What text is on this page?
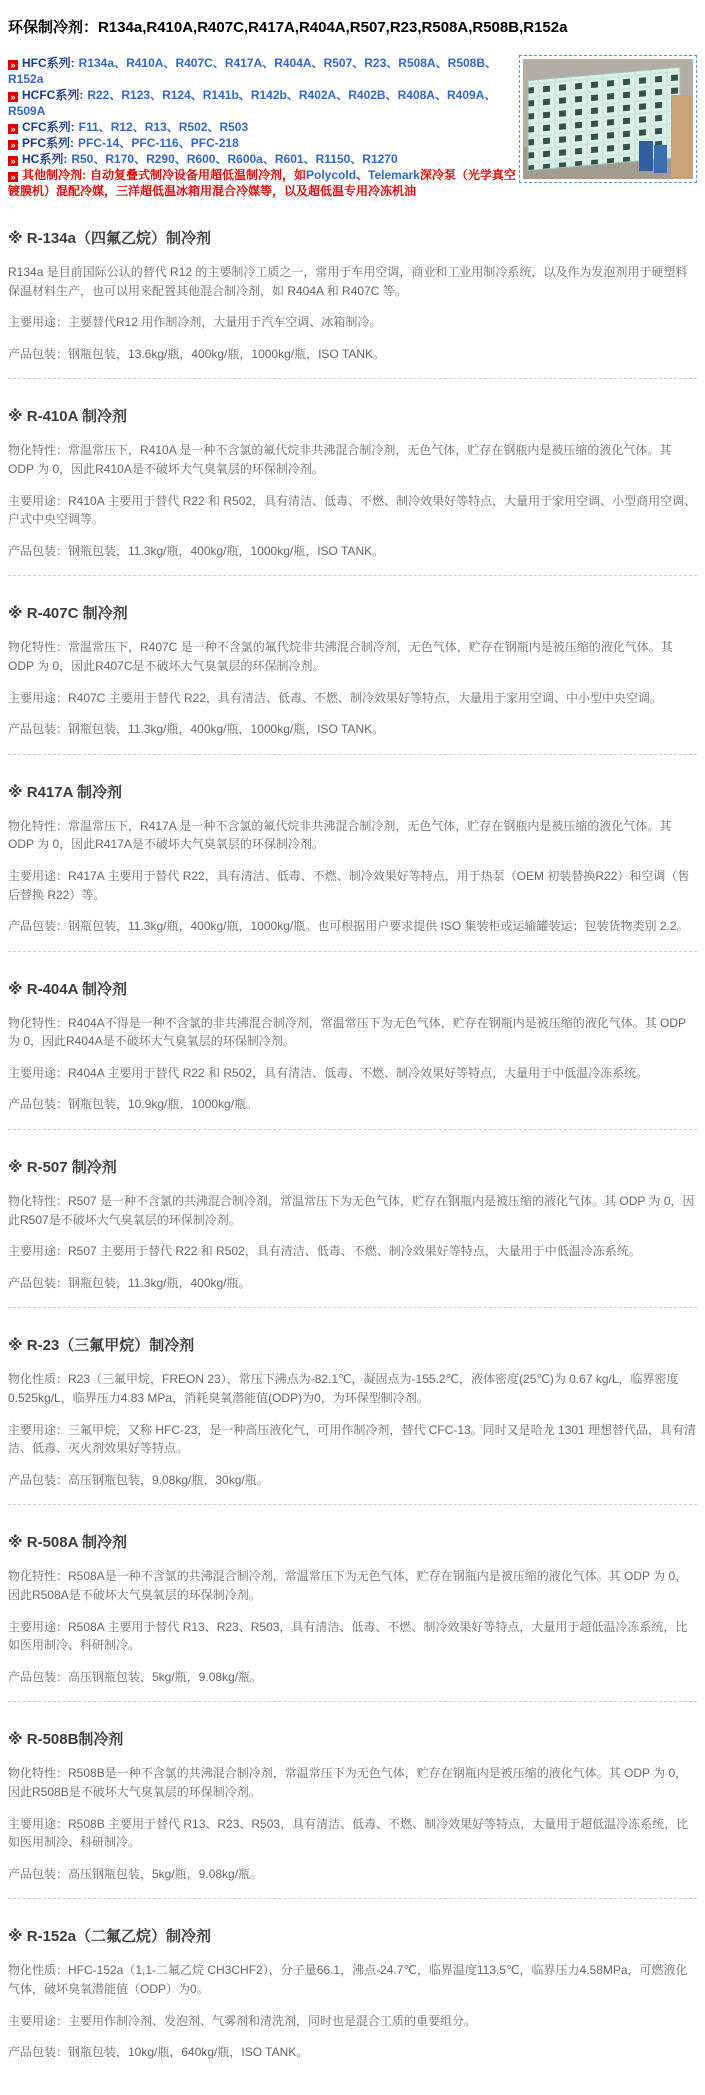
环保制冷剂：R134a,R410A,R407C,R417A,R404A,R507,R23,R508A,R508B,R152a
» HFC系列: R134a、R410A、R407C、R417A、R404A、R507、R23、R508A、R508B、R152a
» HCFC系列: R22、R123、R124、R141b、R142b、R402A、R402B、R408A、R409A、R509A
» CFC系列: F11、R12、R13、R502、R503
» PFC系列: PFC-14、PFC-116、PFC-218
» HC系列: R50、R170、R290、R600、R600a、R601、R1150、R1270
» 其他制冷剂: 自动复叠式制冷设备用超低温制冷剂，如Polycold、Telemark深冷泵（光学真空镀膜机）混配冷媒，三洋超低温冰箱用混合冷媒等，以及超低温专用冷冻机油
※ R-134a（四氟乙烷）制冷剂

R134a 是目前国际公认的替代 R12 的主要制冷工质之一，常用于车用空调，商业和工业用制冷系统，以及作为发泡剂用于硬塑料保温材料生产，也可以用来配置其他混合制冷剂，如 R404A 和 R407C 等。

主要用途：主要替代R12 用作制冷剂，大量用于汽车空调、冰箱制冷。

产品包装：钢瓶包装，13.6kg/瓶，400kg/瓶，1000kg/瓶，ISO TANK。

※ R-410A 制冷剂

物化特性：常温常压下，R410A 是一种不含氯的氟代烷非共沸混合制冷剂，无色气体，贮存在钢瓶内是被压缩的液化气体。其 ODP 为 0，因此R410A是不破坏大气臭氧层的环保制冷剂。

主要用途：R410A 主要用于替代 R22 和 R502，具有清洁、低毒、不燃、制冷效果好等特点，大量用于家用空调、小型商用空调、户式中央空调等。

产品包装：钢瓶包装，11.3kg/瓶，400kg/瓶，1000kg/瓶，ISO TANK。

※ R-407C 制冷剂

物化特性：常温常压下，R407C 是一种不含氯的氟代烷非共沸混合制冷剂，无色气体，贮存在钢瓶内是被压缩的液化气体。其 ODP 为 0，因此R407C是不破坏大气臭氧层的环保制冷剂。

主要用途：R407C 主要用于替代 R22，具有清洁、低毒、不燃、制冷效果好等特点，大量用于家用空调、中小型中央空调。

产品包装：钢瓶包装，11.3kg/瓶，400kg/瓶，1000kg/瓶，ISO TANK。

※ R417A 制冷剂

物化特性：常温常压下，R417A 是一种不含氯的氟代烷非共沸混合制冷剂，无色气体，贮存在钢瓶内是被压缩的液化气体。其 ODP 为 0，因此R417A是不破坏大气臭氧层的环保制冷剂。

主要用途：R417A 主要用于替代 R22，具有清洁、低毒、不燃、制冷效果好等特点，用于热泵（OEM 初装替换R22）和空调（售后替换 R22）等。

产品包装：钢瓶包装，11.3kg/瓶，400kg/瓶，1000kg/瓶。也可根据用户要求提供 ISO 集装柜或运输罐装运；包装货物类别 2.2。

※ R-404A 制冷剂

物化特性：R404A不得是一种不含氯的非共沸混合制冷剂，常温常压下为无色气体，贮存在钢瓶内是被压缩的液化气体。其 ODP 为 0，因此R404A是不破坏大气臭氧层的环保制冷剂。

主要用途：R404A 主要用于替代 R22 和 R502，具有清洁、低毒、不燃、制冷效果好等特点，大量用于中低温冷冻系统。

产品包装：钢瓶包装，10.9kg/瓶，1000kg/瓶。

※ R-507 制冷剂

物化特性：R507 是一种不含氯的共沸混合制冷剂，常温常压下为无色气体，贮存在钢瓶内是被压缩的液化气体。其 ODP 为 0，因此R507是不破坏大气臭氧层的环保制冷剂。

主要用途：R507 主要用于替代 R22 和 R502，具有清洁、低毒、不燃、制冷效果好等特点，大量用于中低温冷冻系统。

产品包装：钢瓶包装，11.3kg/瓶，400kg/瓶。

※ R-23（三氟甲烷）制冷剂

物化性质：R23（三氟甲烷，FREON 23），常压下沸点为-82.1℃，凝固点为-155.2℃，液体密度(25℃)为 0.67 kg/L，临界密度0.525kg/L，临界压力4.83 MPa，消耗臭氧潜能值(ODP)为0，为环保型制冷剂。

主要用途：三氟甲烷，又称 HFC-23，是一种高压液化气，可用作制冷剂，替代 CFC-13。同时又是哈龙 1301 理想替代品，具有清洁、低毒、灭火剂效果好等特点。

产品包装：高压钢瓶包装，9.08kg/瓶，30kg/瓶。

※ R-508A 制冷剂

物化特性：R508A是一种不含氯的共沸混合制冷剂，常温常压下为无色气体，贮存在钢瓶内是被压缩的液化气体。其 ODP 为 0，因此R508A是不破坏大气臭氧层的环保制冷剂。

主要用途：R508A 主要用于替代 R13、R23、R503，具有清洁、低毒、不燃、制冷效果好等特点，大量用于超低温冷冻系统，比如医用制冷、科研制冷。

产品包装：高压钢瓶包装，5kg/瓶，9.08kg/瓶。

※ R-508B制冷剂

物化特性：R508B是一种不含氯的共沸混合制冷剂，常温常压下为无色气体，贮存在钢瓶内是被压缩的液化气体。其 ODP 为 0，因此R508B是不破坏大气臭氧层的环保制冷剂。

主要用途：R508B 主要用于替代 R13、R23、R503，具有清洁、低毒、不燃、制冷效果好等特点，大量用于超低温冷冻系统，比如医用制冷、科研制冷。

产品包装：高压钢瓶包装，5kg/瓶，9.08kg/瓶。

※ R-152a（二氟乙烷）制冷剂

物化性质：HFC-152a（1,1-二氟乙烷 CH3CHF2），分子量66.1，沸点-24.7℃，临界温度113.5℃，临界压力4.58MPa，可燃液化气体，破坏臭氧潜能值（ODP）为0。

主要用途：主要用作制冷剂、发泡剂、气雾剂和清洗剂，同时也是混合工质的重要组分。

产品包装：钢瓶包装，10kg/瓶，640kg/瓶，ISO TANK。
